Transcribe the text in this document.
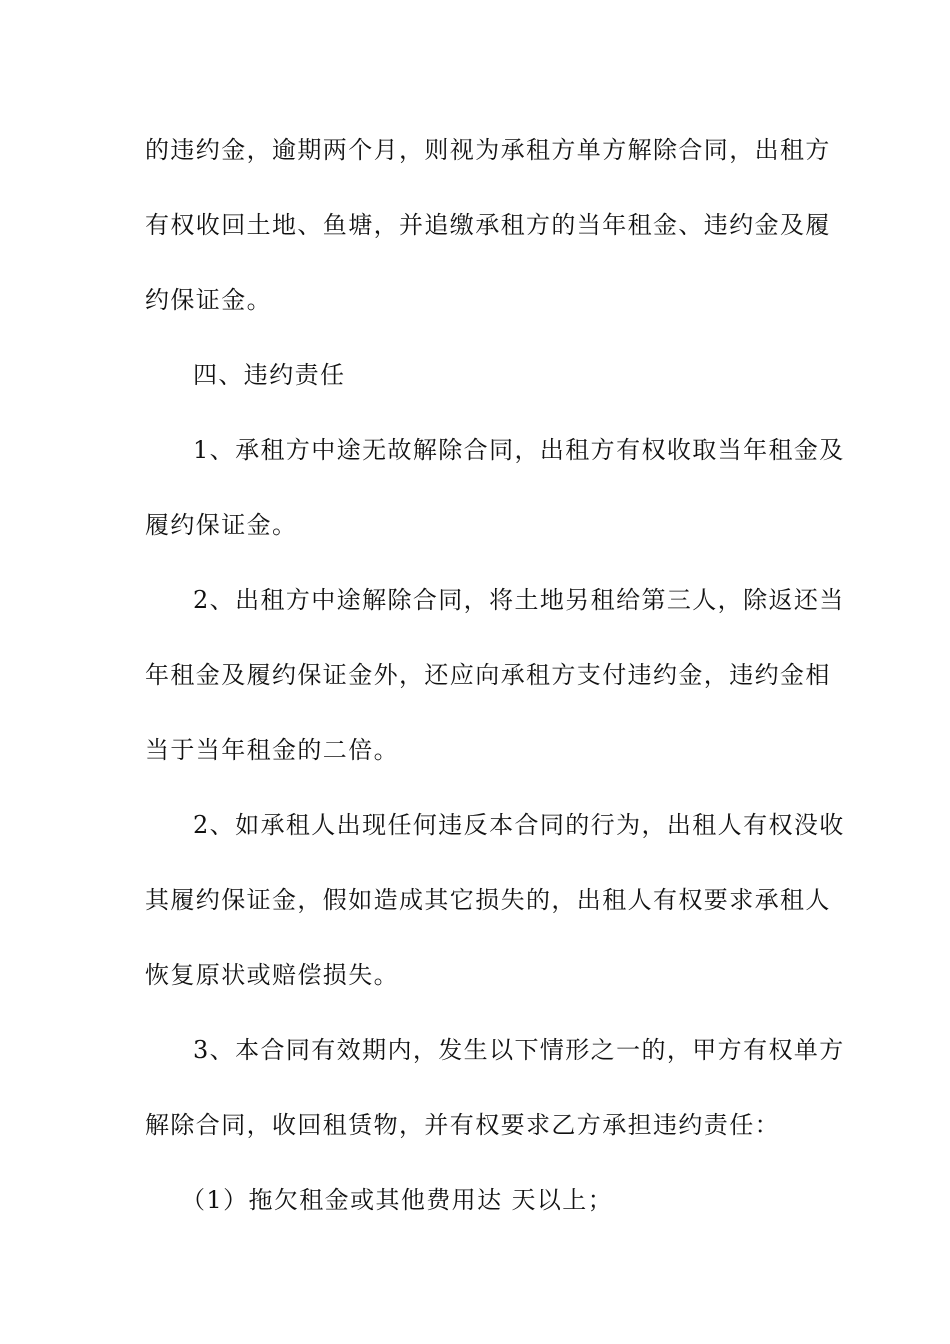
的违约金，逾期两个月，则视为承租方单方解除合同，出租方
有权收回土地、鱼塘，并追缴承租方的当年租金、违约金及履
约保证金。
四、违约责任
1、承租方中途无故解除合同，出租方有权收取当年租金及
履约保证金。
2、出租方中途解除合同，将土地另租给第三人，除返还当
年租金及履约保证金外，还应向承租方支付违约金，违约金相
当于当年租金的二倍。
2、如承租人出现任何违反本合同的行为，出租人有权没收
其履约保证金，假如造成其它损失的，出租人有权要求承租人
恢复原状或赔偿损失。
3、本合同有效期内，发生以下情形之一的，甲方有权单方
解除合同，收回租赁物，并有权要求乙方承担违约责任：
（1）拖欠租金或其他费用达 天以上；
